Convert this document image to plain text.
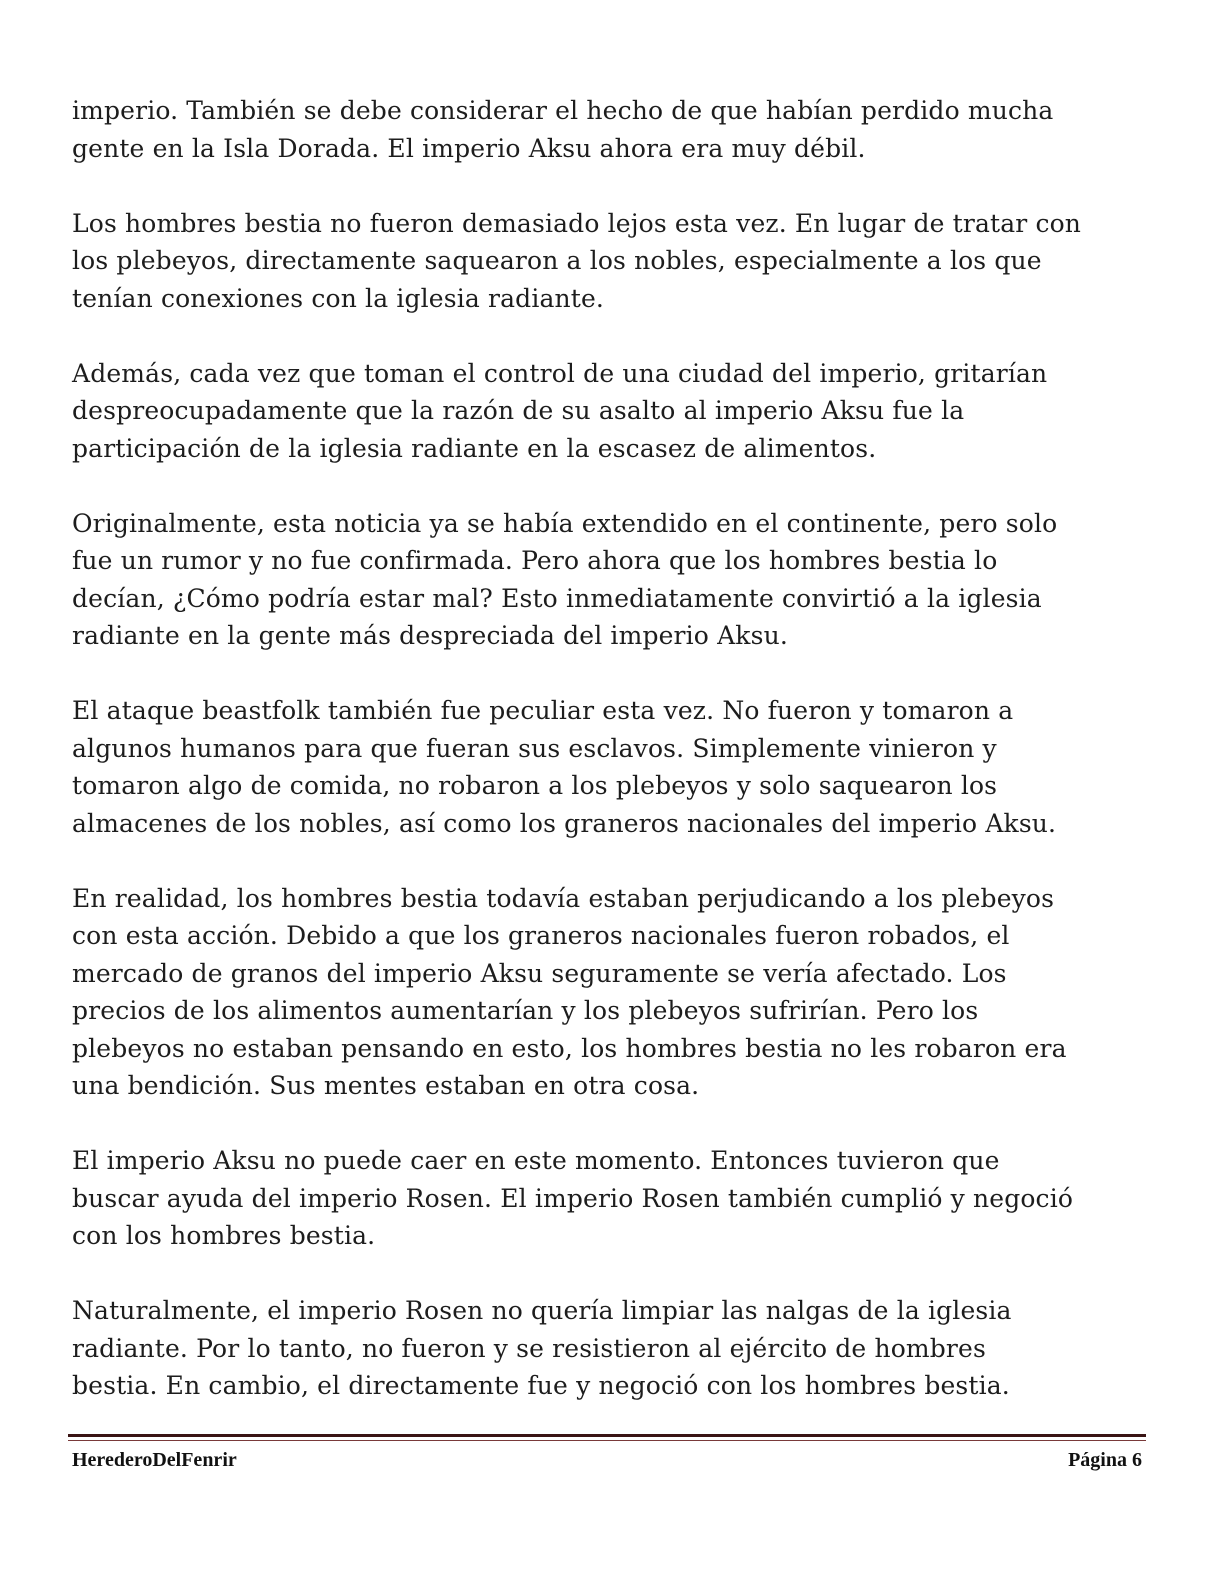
imperio. También se debe considerar el hecho de que habían perdido mucha
gente en la Isla Dorada. El imperio Aksu ahora era muy débil.

Los hombres bestia no fueron demasiado lejos esta vez. En lugar de tratar con
los plebeyos, directamente saquearon a los nobles, especialmente a los que
tenían conexiones con la iglesia radiante.

Además, cada vez que toman el control de una ciudad del imperio, gritarían
despreocupadamente que la razón de su asalto al imperio Aksu fue la
participación de la iglesia radiante en la escasez de alimentos.

Originalmente, esta noticia ya se había extendido en el continente, pero solo
fue un rumor y no fue confirmada. Pero ahora que los hombres bestia lo
decían, ¿Cómo podría estar mal? Esto inmediatamente convirtió a la iglesia
radiante en la gente más despreciada del imperio Aksu.

El ataque beastfolk también fue peculiar esta vez. No fueron y tomaron a
algunos humanos para que fueran sus esclavos. Simplemente vinieron y
tomaron algo de comida, no robaron a los plebeyos y solo saquearon los
almacenes de los nobles, así como los graneros nacionales del imperio Aksu.

En realidad, los hombres bestia todavía estaban perjudicando a los plebeyos
con esta acción. Debido a que los graneros nacionales fueron robados, el
mercado de granos del imperio Aksu seguramente se vería afectado. Los
precios de los alimentos aumentarían y los plebeyos sufrirían. Pero los
plebeyos no estaban pensando en esto, los hombres bestia no les robaron era
una bendición. Sus mentes estaban en otra cosa.

El imperio Aksu no puede caer en este momento. Entonces tuvieron que
buscar ayuda del imperio Rosen. El imperio Rosen también cumplió y negoció
con los hombres bestia.

Naturalmente, el imperio Rosen no quería limpiar las nalgas de la iglesia
radiante. Por lo tanto, no fueron y se resistieron al ejército de hombres
bestia. En cambio, el directamente fue y negoció con los hombres bestia.

HerederoDelFenrir	Página 6
